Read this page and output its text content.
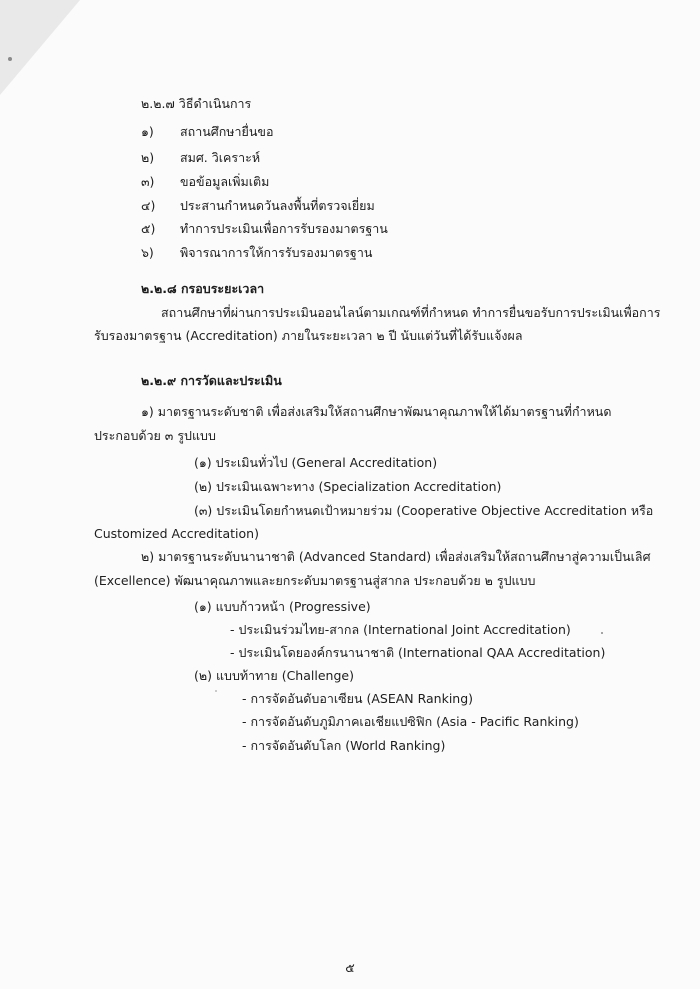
๒.๒.๗ วิธีดำเนินการ
๑) สถานศึกษายื่นขอ
๒) สมศ. วิเคราะห์
๓) ขอข้อมูลเพิ่มเติม
๔) ประสานกำหนดวันลงพื้นที่ตรวจเยี่ยม
๕) ทำการประเมินเพื่อการรับรองมาตรฐาน
๖) พิจารณาการให้การรับรองมาตรฐาน
๒.๒.๘ กรอบระยะเวลา
สถานศึกษาที่ผ่านการประเมินออนไลน์ตามเกณฑ์ที่กำหนด ทำการยื่นขอรับการประเมินเพื่อการ
รับรองมาตรฐาน (Accreditation) ภายในระยะเวลา ๒ ปี นับแต่วันที่ได้รับแจ้งผล
๒.๒.๙ การวัดและประเมิน
๑) มาตรฐานระดับชาติ เพื่อส่งเสริมให้สถานศึกษาพัฒนาคุณภาพให้ได้มาตรฐานที่กำหนด
ประกอบด้วย ๓ รูปแบบ
(๑) ประเมินทั่วไป (General Accreditation)
(๒) ประเมินเฉพาะทาง (Specialization Accreditation)
(๓) ประเมินโดยกำหนดเป้าหมายร่วม (Cooperative Objective Accreditation หรือ
Customized Accreditation)
๒) มาตรฐานระดับนานาชาติ (Advanced Standard) เพื่อส่งเสริมให้สถานศึกษาสู่ความเป็นเลิศ
(Excellence) พัฒนาคุณภาพและยกระดับมาตรฐานสู่สากล ประกอบด้วย ๒ รูปแบบ
(๑) แบบก้าวหน้า (Progressive)
- ประเมินร่วมไทย-สากล (International Joint Accreditation)
- ประเมินโดยองค์กรนานาชาติ (International QAA Accreditation)
(๒) แบบท้าทาย (Challenge)
- การจัดอันดับอาเซียน (ASEAN Ranking)
- การจัดอันดับภูมิภาคเอเชียแปซิฟิก (Asia - Pacific Ranking)
- การจัดอันดับโลก (World Ranking)
๕
